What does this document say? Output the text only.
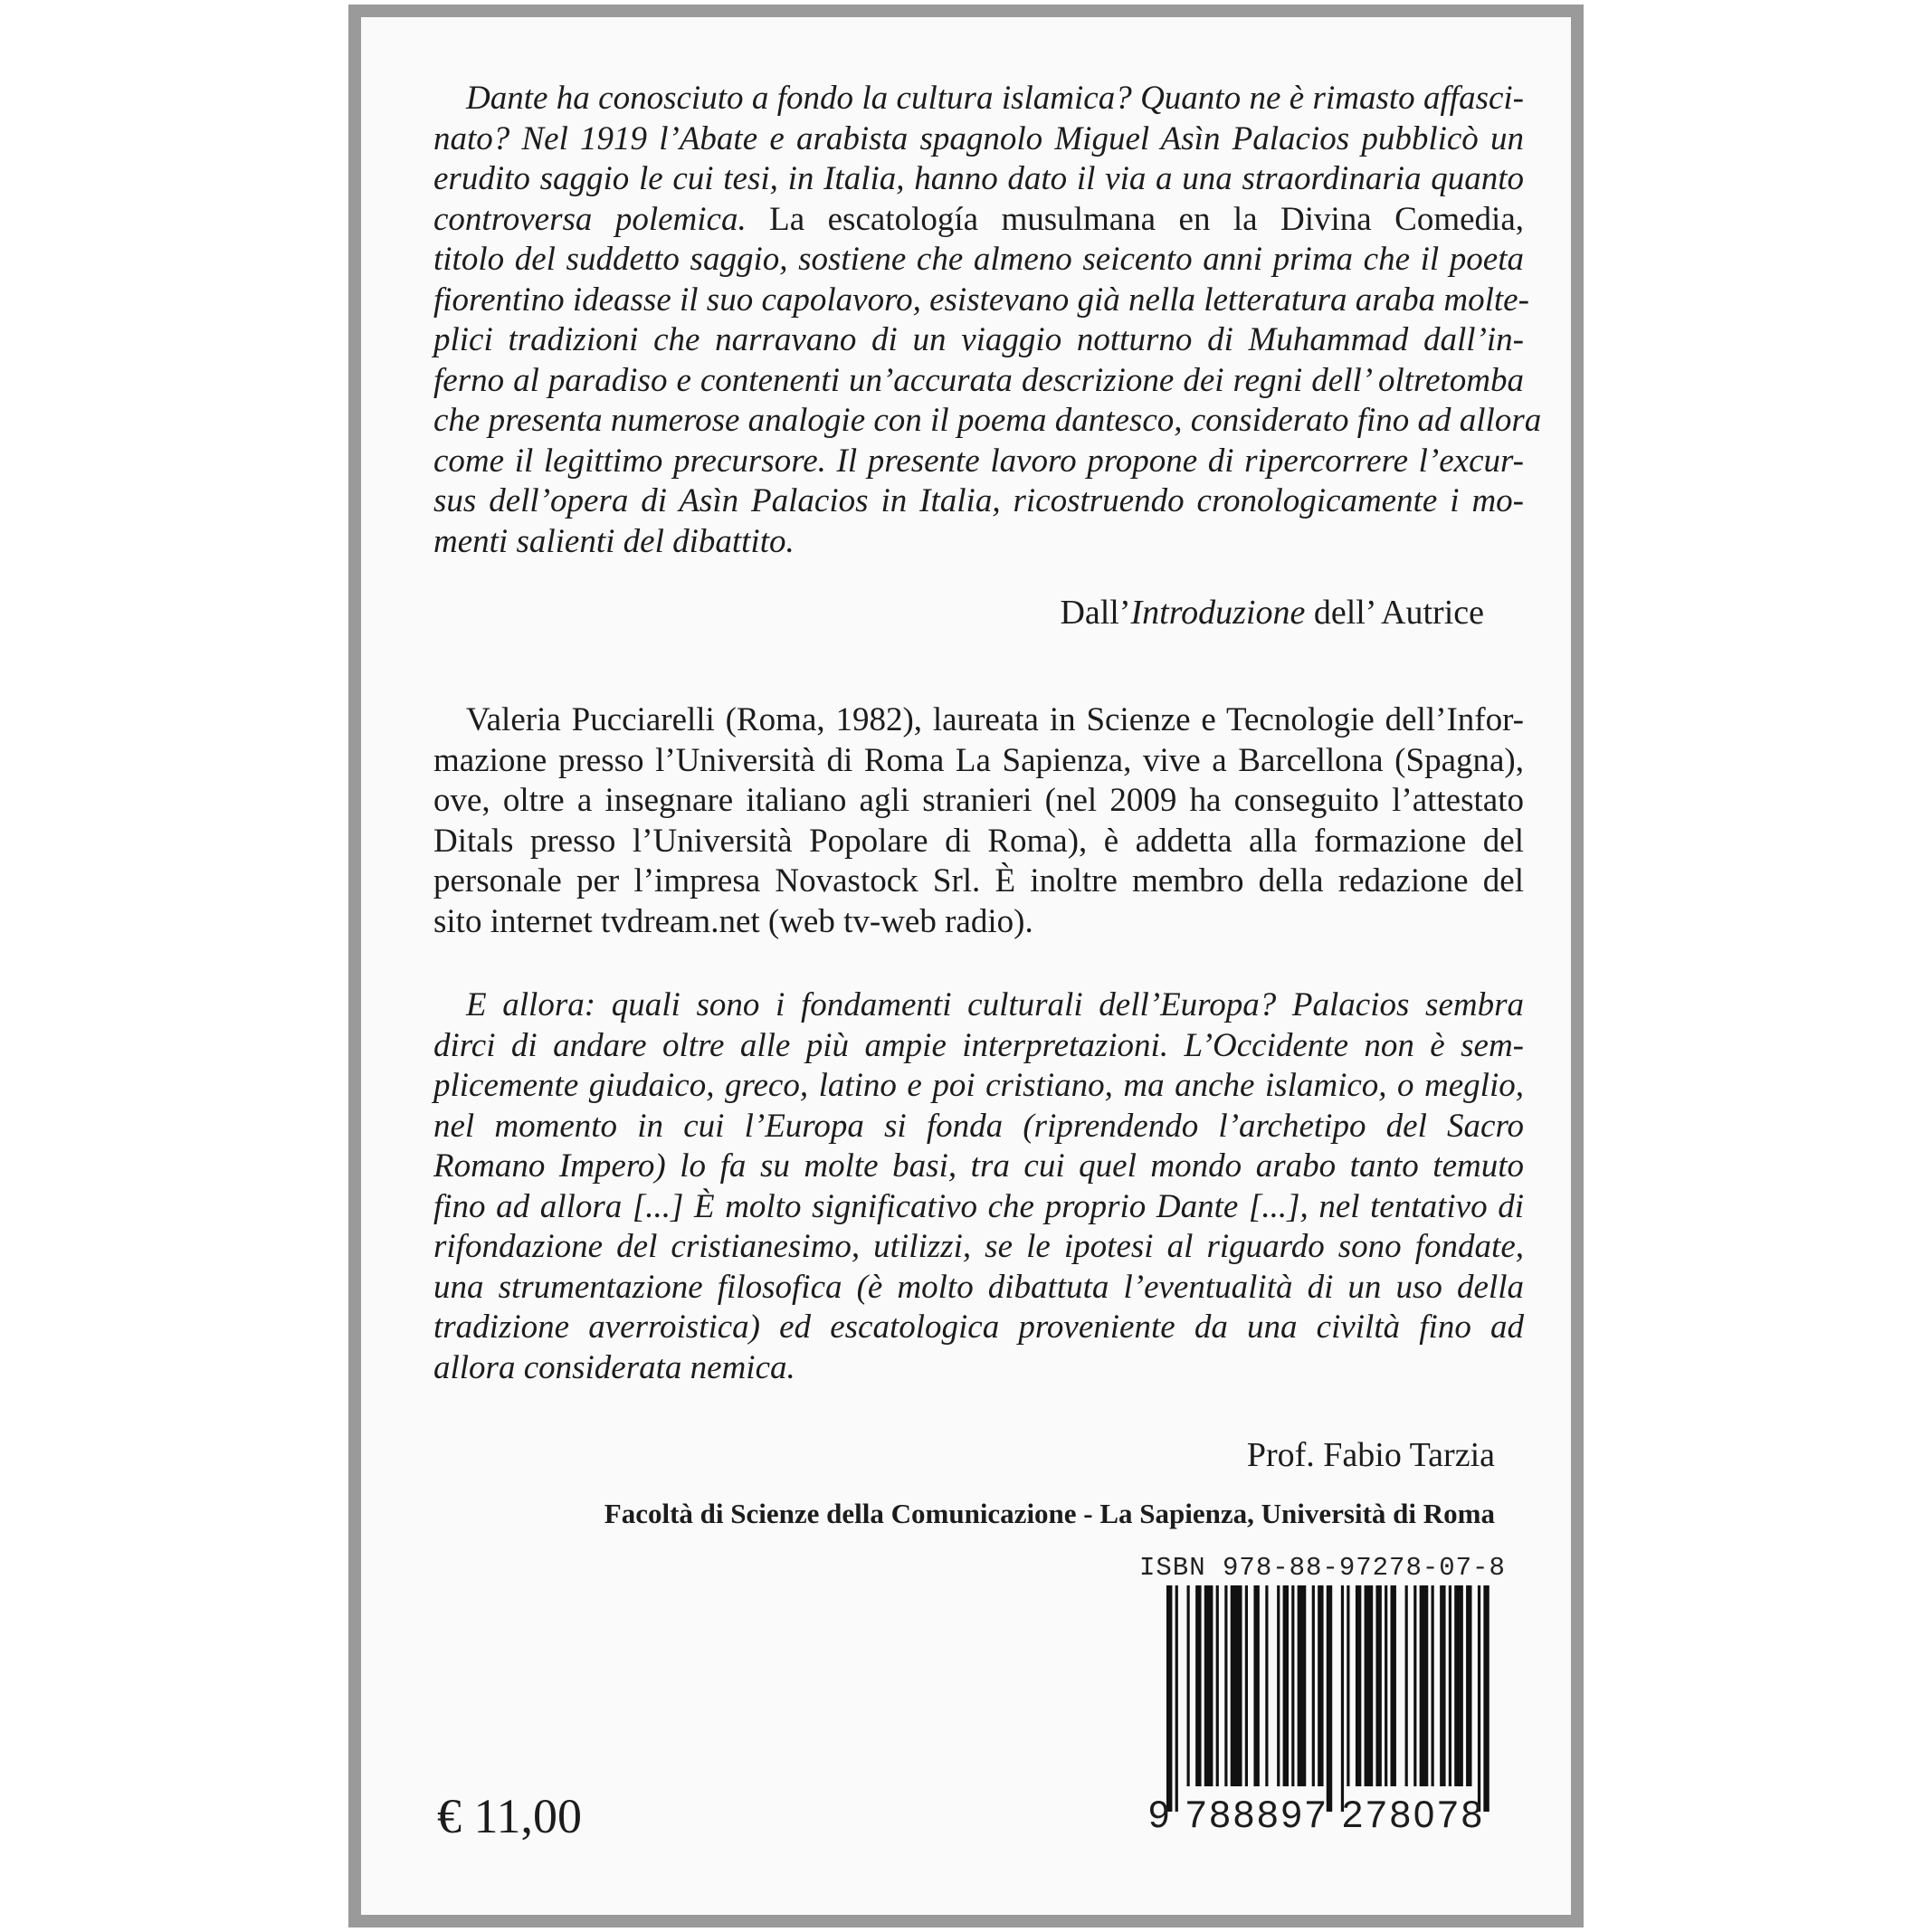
Dante ha conosciuto a fondo la cultura islamica? Quanto ne è rimasto affasci-
nato? Nel 1919 l’Abate e arabista spagnolo Miguel Asìn Palacios pubblicò un
erudito saggio le cui tesi, in Italia, hanno dato il via a una straordinaria quanto
controversa polemica. La escatología musulmana en la Divina Comedia,
titolo del suddetto saggio, sostiene che almeno seicento anni prima che il poeta
fiorentino ideasse il suo capolavoro, esistevano già nella letteratura araba molte-
plici tradizioni che narravano di un viaggio notturno di Muhammad dall’in-
ferno al paradiso e contenenti un’accurata descrizione dei regni dell’ oltretomba
che presenta numerose analogie con il poema dantesco, considerato fino ad allora
come il legittimo precursore. Il presente lavoro propone di ripercorrere l’excur-
sus dell’opera di Asìn Palacios in Italia, ricostruendo cronologicamente i mo-
menti salienti del dibattito.
Dall’Introduzione dell’ Autrice
Valeria Pucciarelli (Roma, 1982), laureata in Scienze e Tecnologie dell’Infor-
mazione presso l’Università di Roma La Sapienza, vive a Barcellona (Spagna),
ove, oltre a insegnare italiano agli stranieri (nel 2009 ha conseguito l’attestato
Ditals presso l’Università Popolare di Roma), è addetta alla formazione del
personale per l’impresa Novastock Srl. È inoltre membro della redazione del
sito internet tvdream.net (web tv-web radio).
E allora: quali sono i fondamenti culturali dell’Europa? Palacios sembra
dirci di andare oltre alle più ampie interpretazioni. L’Occidente non è sem-
plicemente giudaico, greco, latino e poi cristiano, ma anche islamico, o meglio,
nel momento in cui l’Europa si fonda (riprendendo l’archetipo del Sacro
Romano Impero) lo fa su molte basi, tra cui quel mondo arabo tanto temuto
fino ad allora [...] È molto significativo che proprio Dante [...], nel tentativo di
rifondazione del cristianesimo, utilizzi, se le ipotesi al riguardo sono fondate,
una strumentazione filosofica (è molto dibattuta l’eventualità di un uso della
tradizione averroistica) ed escatologica proveniente da una civiltà fino ad
allora considerata nemica.
Prof. Fabio Tarzia
Facoltà di Scienze della Comunicazione - La Sapienza, Università di Roma
ISBN 978-88-97278-07-8
9 788897 278078
€ 11,00
